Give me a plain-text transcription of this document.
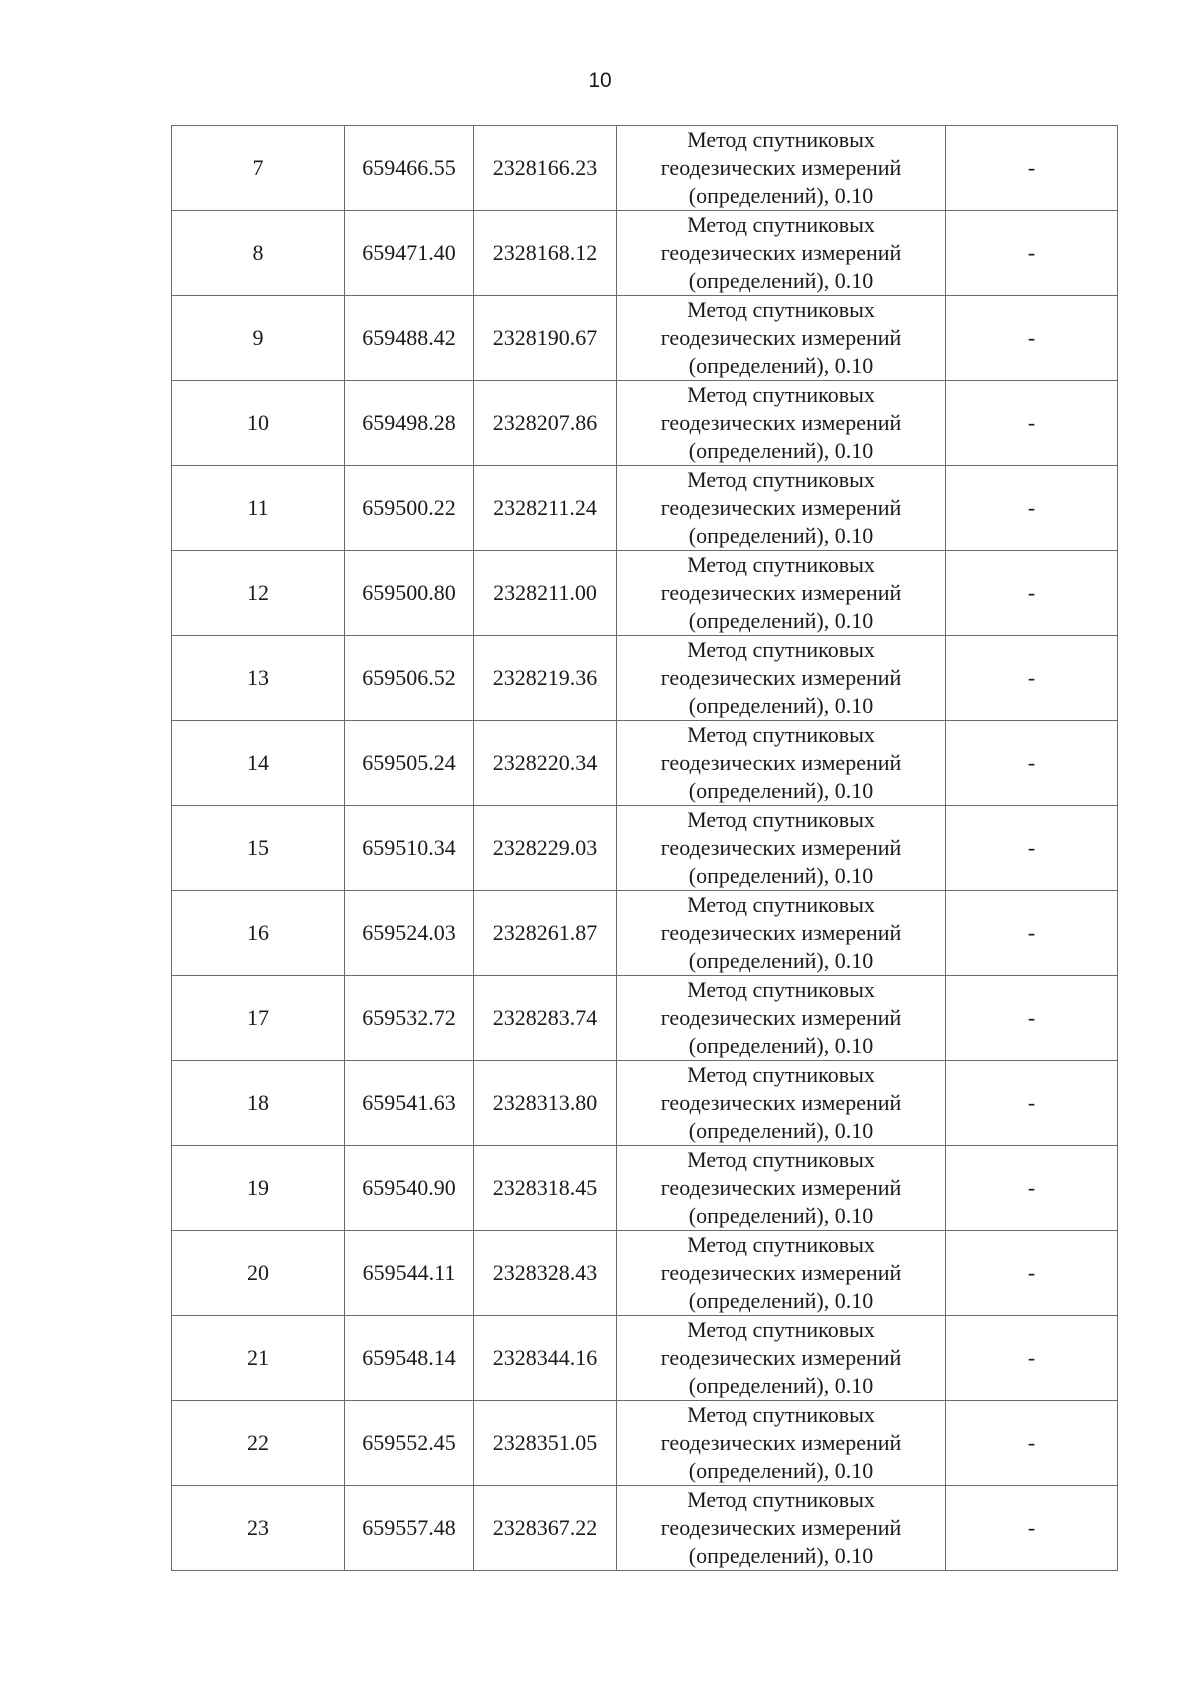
10
7	659466.55	2328166.23	Метод спутниковых
геодезических измерений
(определений), 0.10	-
8	659471.40	2328168.12	Метод спутниковых
геодезических измерений
(определений), 0.10	-
9	659488.42	2328190.67	Метод спутниковых
геодезических измерений
(определений), 0.10	-
10	659498.28	2328207.86	Метод спутниковых
геодезических измерений
(определений), 0.10	-
11	659500.22	2328211.24	Метод спутниковых
геодезических измерений
(определений), 0.10	-
12	659500.80	2328211.00	Метод спутниковых
геодезических измерений
(определений), 0.10	-
13	659506.52	2328219.36	Метод спутниковых
геодезических измерений
(определений), 0.10	-
14	659505.24	2328220.34	Метод спутниковых
геодезических измерений
(определений), 0.10	-
15	659510.34	2328229.03	Метод спутниковых
геодезических измерений
(определений), 0.10	-
16	659524.03	2328261.87	Метод спутниковых
геодезических измерений
(определений), 0.10	-
17	659532.72	2328283.74	Метод спутниковых
геодезических измерений
(определений), 0.10	-
18	659541.63	2328313.80	Метод спутниковых
геодезических измерений
(определений), 0.10	-
19	659540.90	2328318.45	Метод спутниковых
геодезических измерений
(определений), 0.10	-
20	659544.11	2328328.43	Метод спутниковых
геодезических измерений
(определений), 0.10	-
21	659548.14	2328344.16	Метод спутниковых
геодезических измерений
(определений), 0.10	-
22	659552.45	2328351.05	Метод спутниковых
геодезических измерений
(определений), 0.10	-
23	659557.48	2328367.22	Метод спутниковых
геодезических измерений
(определений), 0.10	-
